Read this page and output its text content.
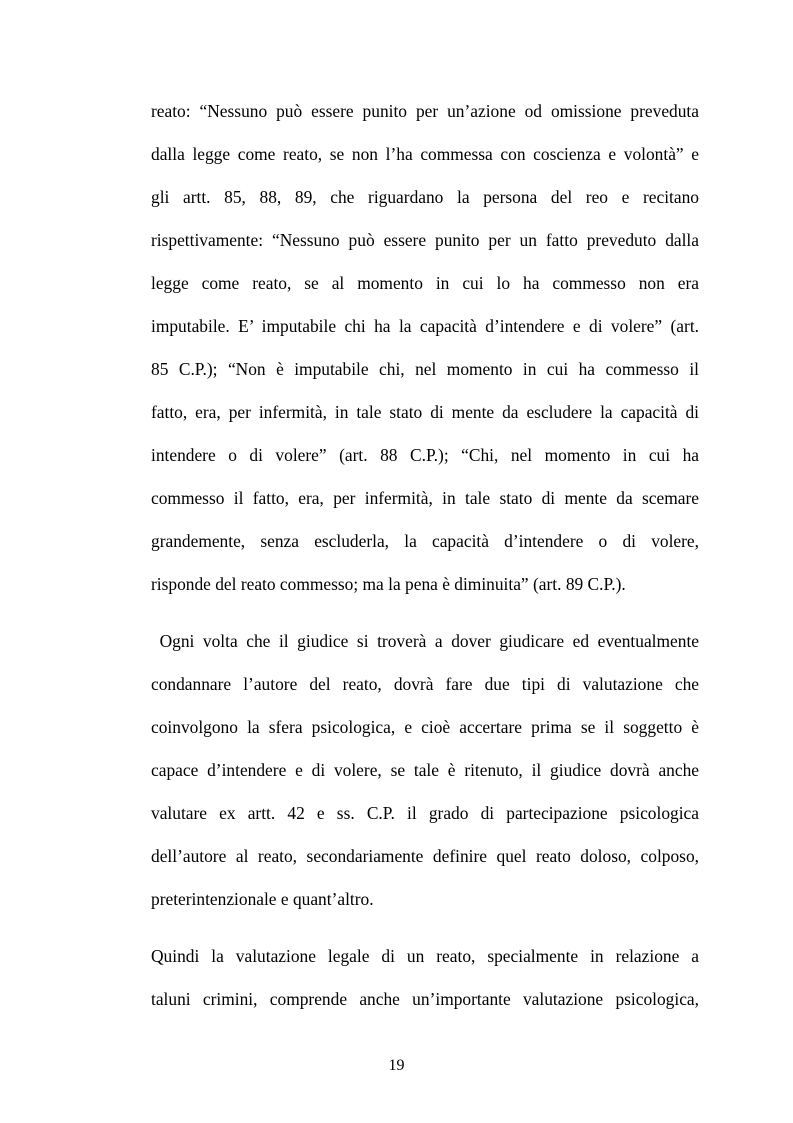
reato: “Nessuno può essere punito per un’azione od omissione preveduta
dalla legge come reato, se non l’ha commessa con coscienza e volontà” e
gli artt. 85, 88, 89, che riguardano la persona del reo e recitano
rispettivamente: “Nessuno può essere punito per un fatto preveduto dalla
legge come reato, se al momento in cui lo ha commesso non era
imputabile. E’ imputabile chi ha la capacità d’intendere e di volere” (art.
85 C.P.); “Non è imputabile chi, nel momento in cui ha commesso il
fatto, era, per infermità, in tale stato di mente da escludere la capacità di
intendere o di volere” (art. 88 C.P.); “Chi, nel momento in cui ha
commesso il fatto, era, per infermità, in tale stato di mente da scemare
grandemente, senza escluderla, la capacità d’intendere o di volere,
risponde del reato commesso; ma la pena è diminuita” (art. 89 C.P.).
Ogni volta che il giudice si troverà a dover giudicare ed eventualmente
condannare l’autore del reato, dovrà fare due tipi di valutazione che
coinvolgono la sfera psicologica, e cioè accertare prima se il soggetto è
capace d’intendere e di volere, se tale è ritenuto, il giudice dovrà anche
valutare ex artt. 42 e ss. C.P. il grado di partecipazione psicologica
dell’autore al reato, secondariamente definire quel reato doloso, colposo,
preterintenzionale e quant’altro.
Quindi la valutazione legale di un reato, specialmente in relazione a
taluni crimini, comprende anche un’importante valutazione psicologica,
19
